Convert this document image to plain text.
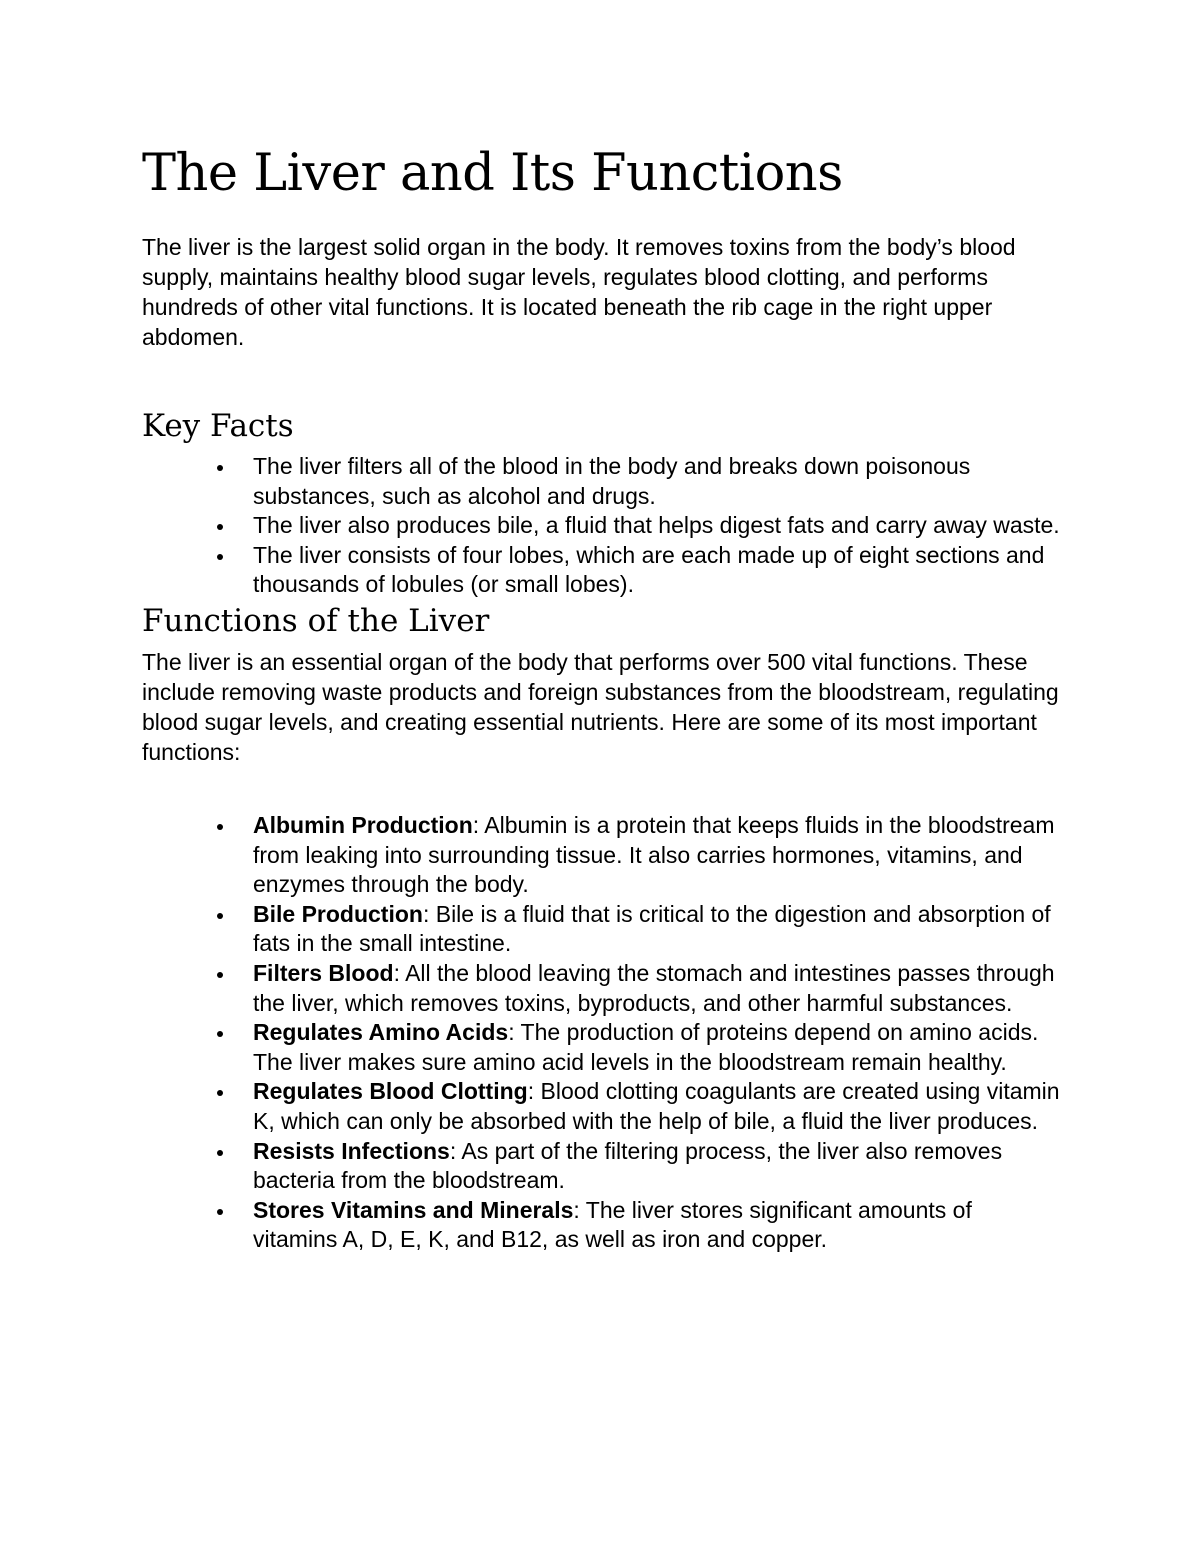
The Liver and Its Functions

The liver is the largest solid organ in the body. It removes toxins from the body’s blood supply, maintains healthy blood sugar levels, regulates blood clotting, and performs hundreds of other vital functions. It is located beneath the rib cage in the right upper abdomen.

Key Facts
The liver filters all of the blood in the body and breaks down poisonous substances, such as alcohol and drugs.
The liver also produces bile, a fluid that helps digest fats and carry away waste.
The liver consists of four lobes, which are each made up of eight sections and thousands of lobules (or small lobes).
Functions of the Liver

The liver is an essential organ of the body that performs over 500 vital functions. These include removing waste products and foreign substances from the bloodstream, regulating blood sugar levels, and creating essential nutrients. Here are some of its most important functions:

Albumin Production: Albumin is a protein that keeps fluids in the bloodstream from leaking into surrounding tissue. It also carries hormones, vitamins, and enzymes through the body.
Bile Production: Bile is a fluid that is critical to the digestion and absorption of fats in the small intestine.
Filters Blood: All the blood leaving the stomach and intestines passes through the liver, which removes toxins, byproducts, and other harmful substances.
Regulates Amino Acids: The production of proteins depend on amino acids. The liver makes sure amino acid levels in the bloodstream remain healthy.
Regulates Blood Clotting: Blood clotting coagulants are created using vitamin K, which can only be absorbed with the help of bile, a fluid the liver produces.
Resists Infections: As part of the filtering process, the liver also removes bacteria from the bloodstream.
Stores Vitamins and Minerals: The liver stores significant amounts of vitamins A, D, E, K, and B12, as well as iron and copper.
